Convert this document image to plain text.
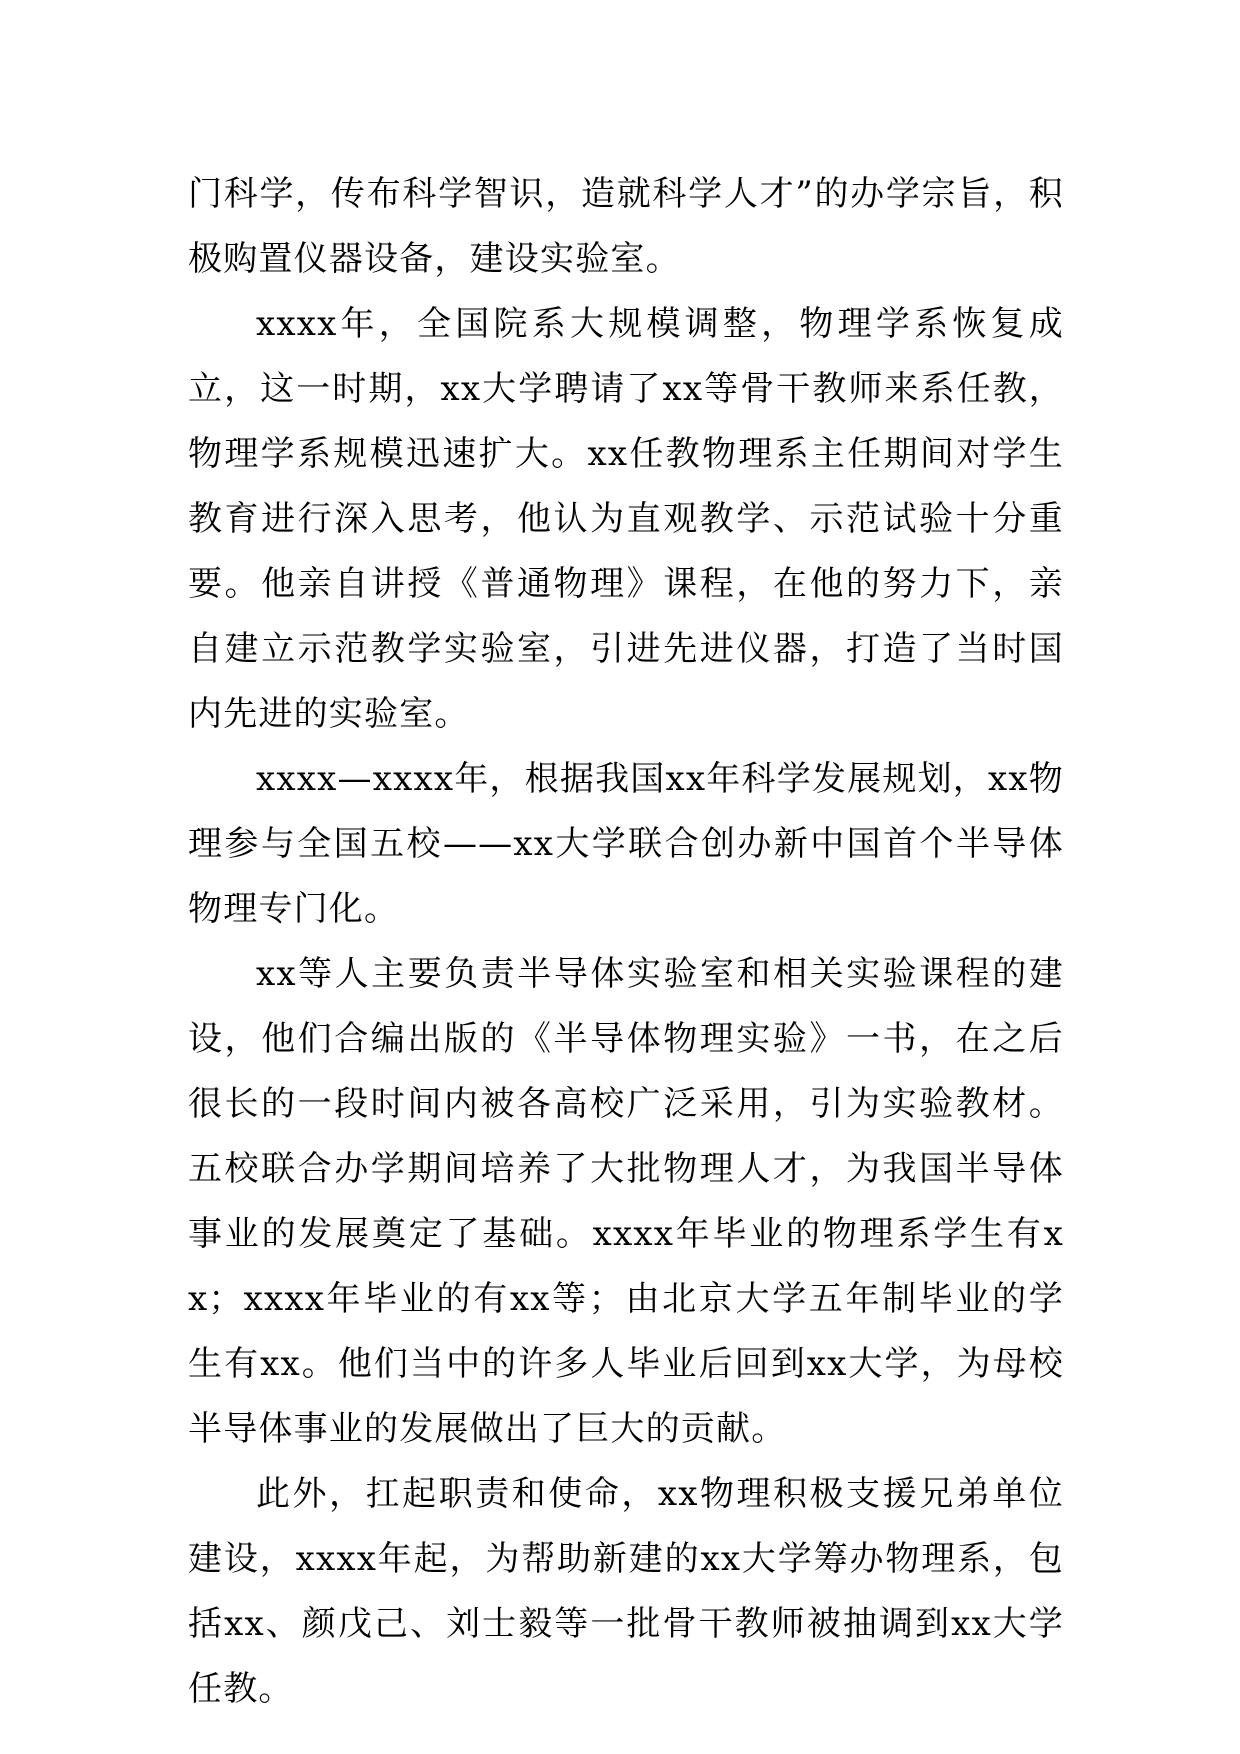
门科学，传布科学智识，造就科学人才”的办学宗旨，积极购置仪器设备，建设实验室。

xxxx年，全国院系大规模调整，物理学系恢复成立，这一时期，xx大学聘请了xx等骨干教师来系任教，物理学系规模迅速扩大。xx任教物理系主任期间对学生教育进行深入思考，他认为直观教学、示范试验十分重要。他亲自讲授《普通物理》课程，在他的努力下，亲自建立示范教学实验室，引进先进仪器，打造了当时国内先进的实验室。

xxxx—xxxx年，根据我国xx年科学发展规划，xx物理参与全国五校——xx大学联合创办新中国首个半导体物理专门化。

xx等人主要负责半导体实验室和相关实验课程的建设，他们合编出版的《半导体物理实验》一书，在之后很长的一段时间内被各高校广泛采用，引为实验教材。五校联合办学期间培养了大批物理人才，为我国半导体事业的发展奠定了基础。xxxx年毕业的物理系学生有xx；xxxx年毕业的有xx等；由北京大学五年制毕业的学生有xx。他们当中的许多人毕业后回到xx大学，为母校半导体事业的发展做出了巨大的贡献。

此外，扛起职责和使命，xx物理积极支援兄弟单位建设，xxxx年起，为帮助新建的xx大学筹办物理系，包括xx、颜戊己、刘士毅等一批骨干教师被抽调到xx大学任教。
